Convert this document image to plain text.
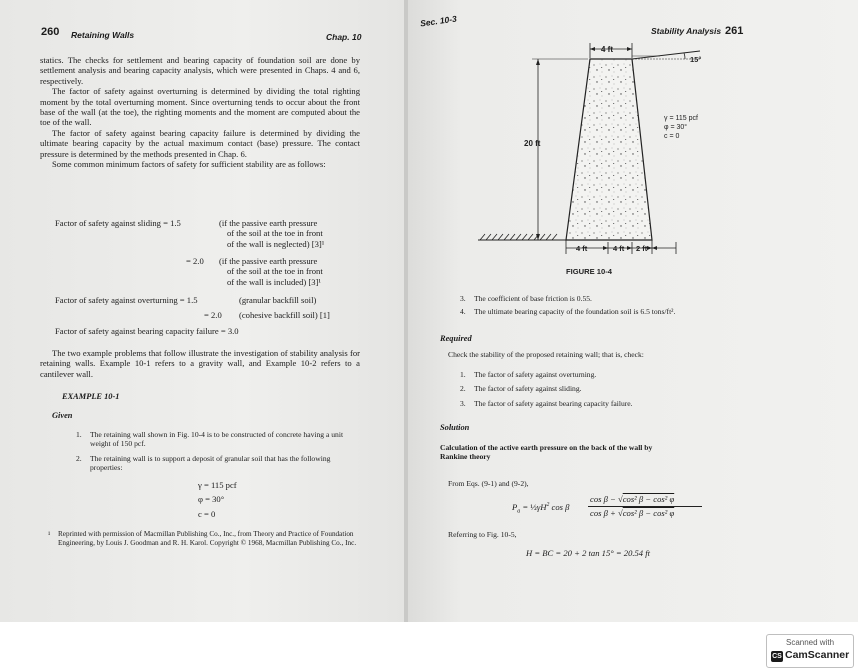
260 Retaining Walls	Chap. 10

statics. The checks for settlement and bearing capacity of foundation soil are done by settlement analysis and bearing capacity analysis, which were presented in Chaps. 4 and 6, respectively.

The factor of safety against overturning is determined by dividing the total righting moment by the total overturning moment. Since overturning tends to occur about the front base of the wall (at the toe), the righting moments and the moment are computed about the toe of the wall.

The factor of safety against bearing capacity failure is determined by dividing the ultimate bearing capacity by the actual maximum contact (base) pressure. The contact pressure is determined by the methods presented in Chap. 6.

Some common minimum factors of safety for sufficient stability are as follows:

Factor of safety against sliding = 1.5	(if the passive earth pressure
of the soil at the toe in front
of the wall is neglected) [3]¹
= 2.0 (if the passive earth pressure
of the soil at the toe in front
of the wall is included) [3]¹
Factor of safety against overturning = 1.5	(granular backfill soil)
= 2.0 (cohesive backfill soil) [1]
Factor of safety against bearing capacity failure = 3.0

The two example problems that follow illustrate the investigation of stability analysis for retaining walls. Example 10-1 refers to a gravity wall, and Example 10-2 refers to a cantilever wall.

EXAMPLE 10-1
Given
1. The retaining wall shown in Fig. 10-4 is to be constructed of concrete having a unit weight of 150 pcf.
2. The retaining wall is to support a deposit of granular soil that has the following properties:
γ = 115 pcf
φ = 30°
c = 0
¹	Reprinted with permission of Macmillan Publishing Co., Inc., from Theory and Practice of Foundation Engineering, by Louis J. Goodman and R. H. Karol. Copyright © 1968, Macmillan Publishing Co., Inc.
Sec. 10-3
Stability Analysis 261
4 ft
15°
20 ft
4 ft	4 ft 2 ft
γ = 115 pcf
φ = 30°
c = 0
FIGURE 10-4
3. The coefficient of base friction is 0.55.
4. The ultimate bearing capacity of the foundation soil is 6.5 tons/ft².
Required
Check the stability of the proposed retaining wall; that is, check:
1. The factor of safety against overturning.
2. The factor of safety against sliding.
3. The factor of safety against bearing capacity failure.
Solution
Calculation of the active earth pressure on the back of the wall by Rankine theory
From Eqs. (9-1) and (9-2),
$P_a$ = $\frac{1}{2}\gamma H^2$ cos β
cos β − √cos² β − cos² φ
cos β + √cos² β − cos² φ
Referring to Fig. 10-5,
H = BC = 20 + 2 tan 15° = 20.54 ft
Scanned with
CS CamScanner
